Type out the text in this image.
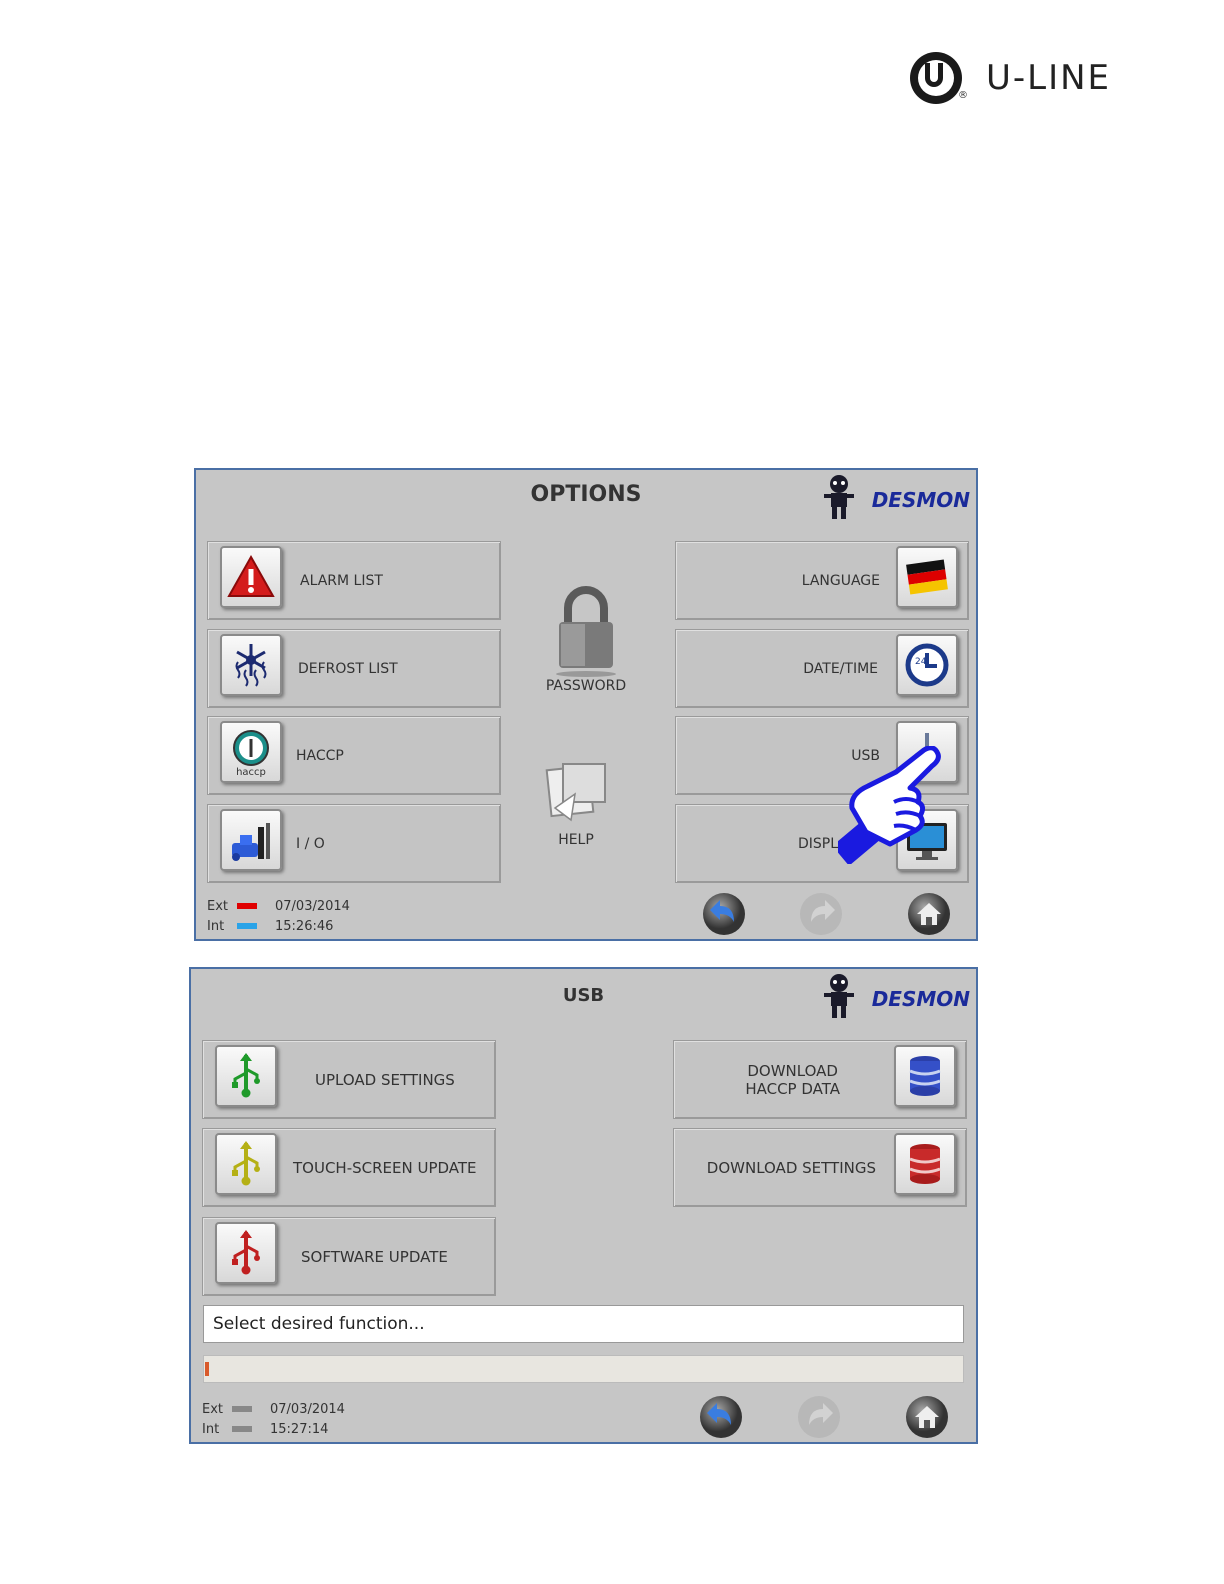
® U-LINE
OPTIONS	DESMON
ALARM LIST
DEFROST LIST
haccp
HACCP
I / O
PASSWORD
HELP
LANGUAGE
24
DATE/TIME
USB
DISPL
Ext	07/03/2014
Int	15:26:46
USB	DESMON
UPLOAD SETTINGS
TOUCH-SCREEN UPDATE
SOFTWARE UPDATE
DOWNLOAD
HACCP DATA
DOWNLOAD SETTINGS
Select desired function...
Ext	07/03/2014
Int	15:27:14
